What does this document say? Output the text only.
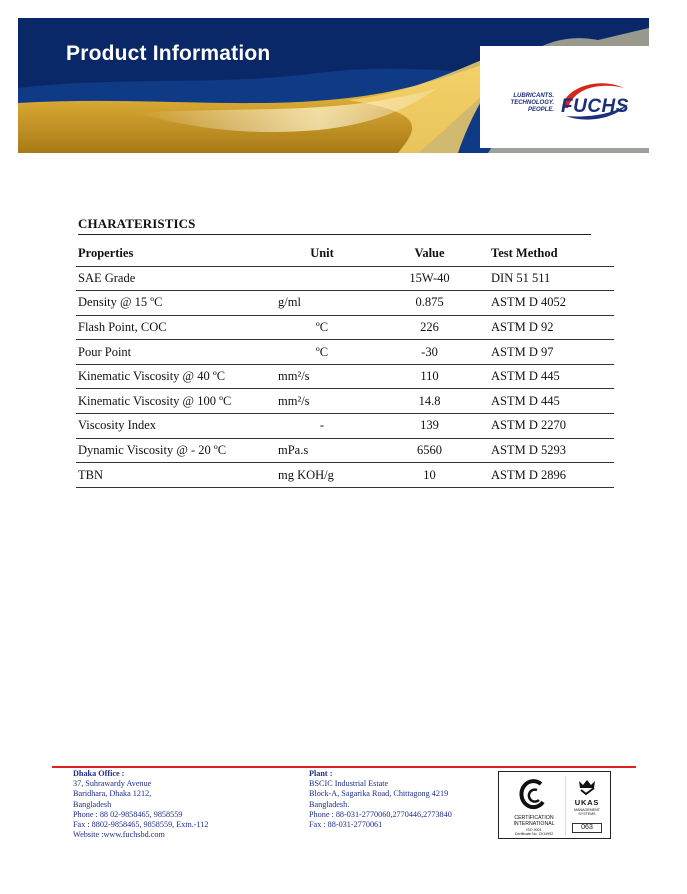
Product Information
LUBRICANTS.
TECHNOLOGY.
PEOPLE. FUCHS
CHARATERISTICS
Properties	Unit	Value	Test Method
SAE Grade		15W-40	DIN 51 511
Density @ 15 ºC	g/ml	0.875	ASTM D 4052
Flash Point, COC	ºC	226	ASTM D 92
Pour Point	ºC	-30	ASTM D 97
Kinematic Viscosity @ 40 ºC	mm²/s	110	ASTM D 445
Kinematic Viscosity @ 100 ºC	mm²/s	14.8	ASTM D 445
Viscosity Index	-	139	ASTM D 2270
Dynamic Viscosity @ - 20 ºC	mPa.s	6560	ASTM D 5293
TBN	mg KOH/g	10	ASTM D 2896
Dhaka Office :
37, Suhrawardy Avenue
Baridhara, Dhaka 1212,
Bangladesh
Phone : 88 02-9858465, 9858559
Fax : 8802-9858465, 9858559, Extn.-112
Website :www.fuchsbd.com
Plant :
BSCIC Industrial Estate
Block-A, Sagarika Road, Chittagong 4219
Bangladesh.
Phone : 88-031-2770060,2770446,2773840
Fax : 88-031-2770061
CERTIFICATION
INTERNATIONAL
ISO 9001
Certificate No. CI/14992
UKAS
MANAGEMENT
SYSTEMS
063
